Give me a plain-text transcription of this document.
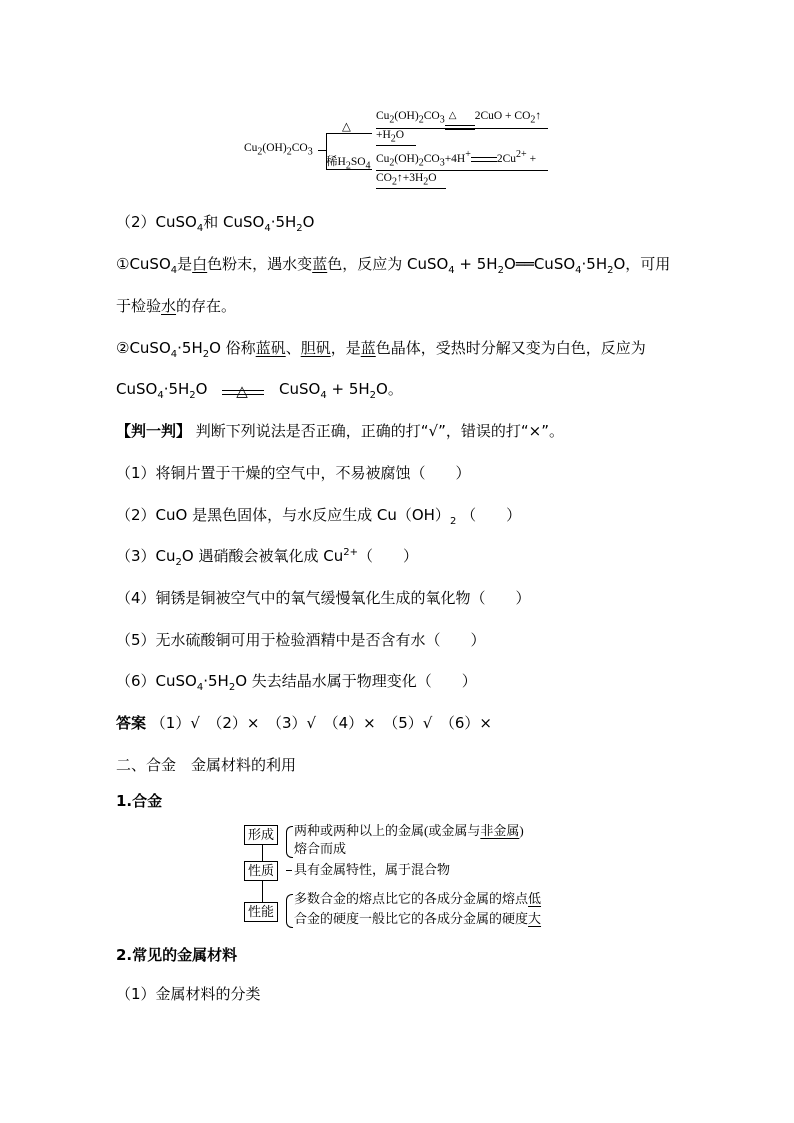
$Cu_2(OH)_2CO_3$
△
稀$H_2SO_4$
$Cu_2(OH)_2CO_3$ △ $2CuO + CO_2↑$
$+H_2O$
$Cu_2(OH)_2CO_3+4H^+$ $2Cu^{2+}$ +
$CO_2↑+3H_2O$
（2）CuSO$_4$和 $CuSO_4\cdot 5H_2O$
①CuSO$_4$是白色粉末，遇水变蓝色，反应为 CuSO$_4$ + $5H_2O══CuSO_4\cdot 5H_2O$，可用
于检验水的存在。
$②CuSO_4\cdot 5H_2O$ 俗称蓝矾、胆矾，是蓝色晶体，受热时分解又变为白色，反应为
$CuSO_4\cdot 5H_2O$ △ CuSO$_4$ + $5H_2O$。
【判一判】 判断下列说法是否正确，正确的打“√”，错误的打“×”。
（1）将铜片置于干燥的空气中，不易被腐蚀（　　）
（2）CuO 是黑色固体，与水反应生成 $Cu(OH)_2$ （　　）
$(3)Cu_2O$ 遇硝酸会被氧化成 $Cu^{2+}$（　　）
（4）铜锈是铜被空气中的氧气缓慢氧化生成的氧化物（　　）
（5）无水硫酸铜可用于检验酒精中是否含有水（　　）
$(6)CuSO_4\cdot 5H_2O$ 失去结晶水属于物理变化（　　）
答案 （1）√　（2）×　（3）√　（4）×　（5）√　（6）×
二、合金　金属材料的利用
1.合金
形成
性质
性能
两种或两种以上的金属(或金属与非金属)
熔合而成
具有金属特性，属于混合物
多数合金的熔点比它的各成分金属的熔点低
合金的硬度一般比它的各成分金属的硬度大
2.常见的金属材料
（1）金属材料的分类
